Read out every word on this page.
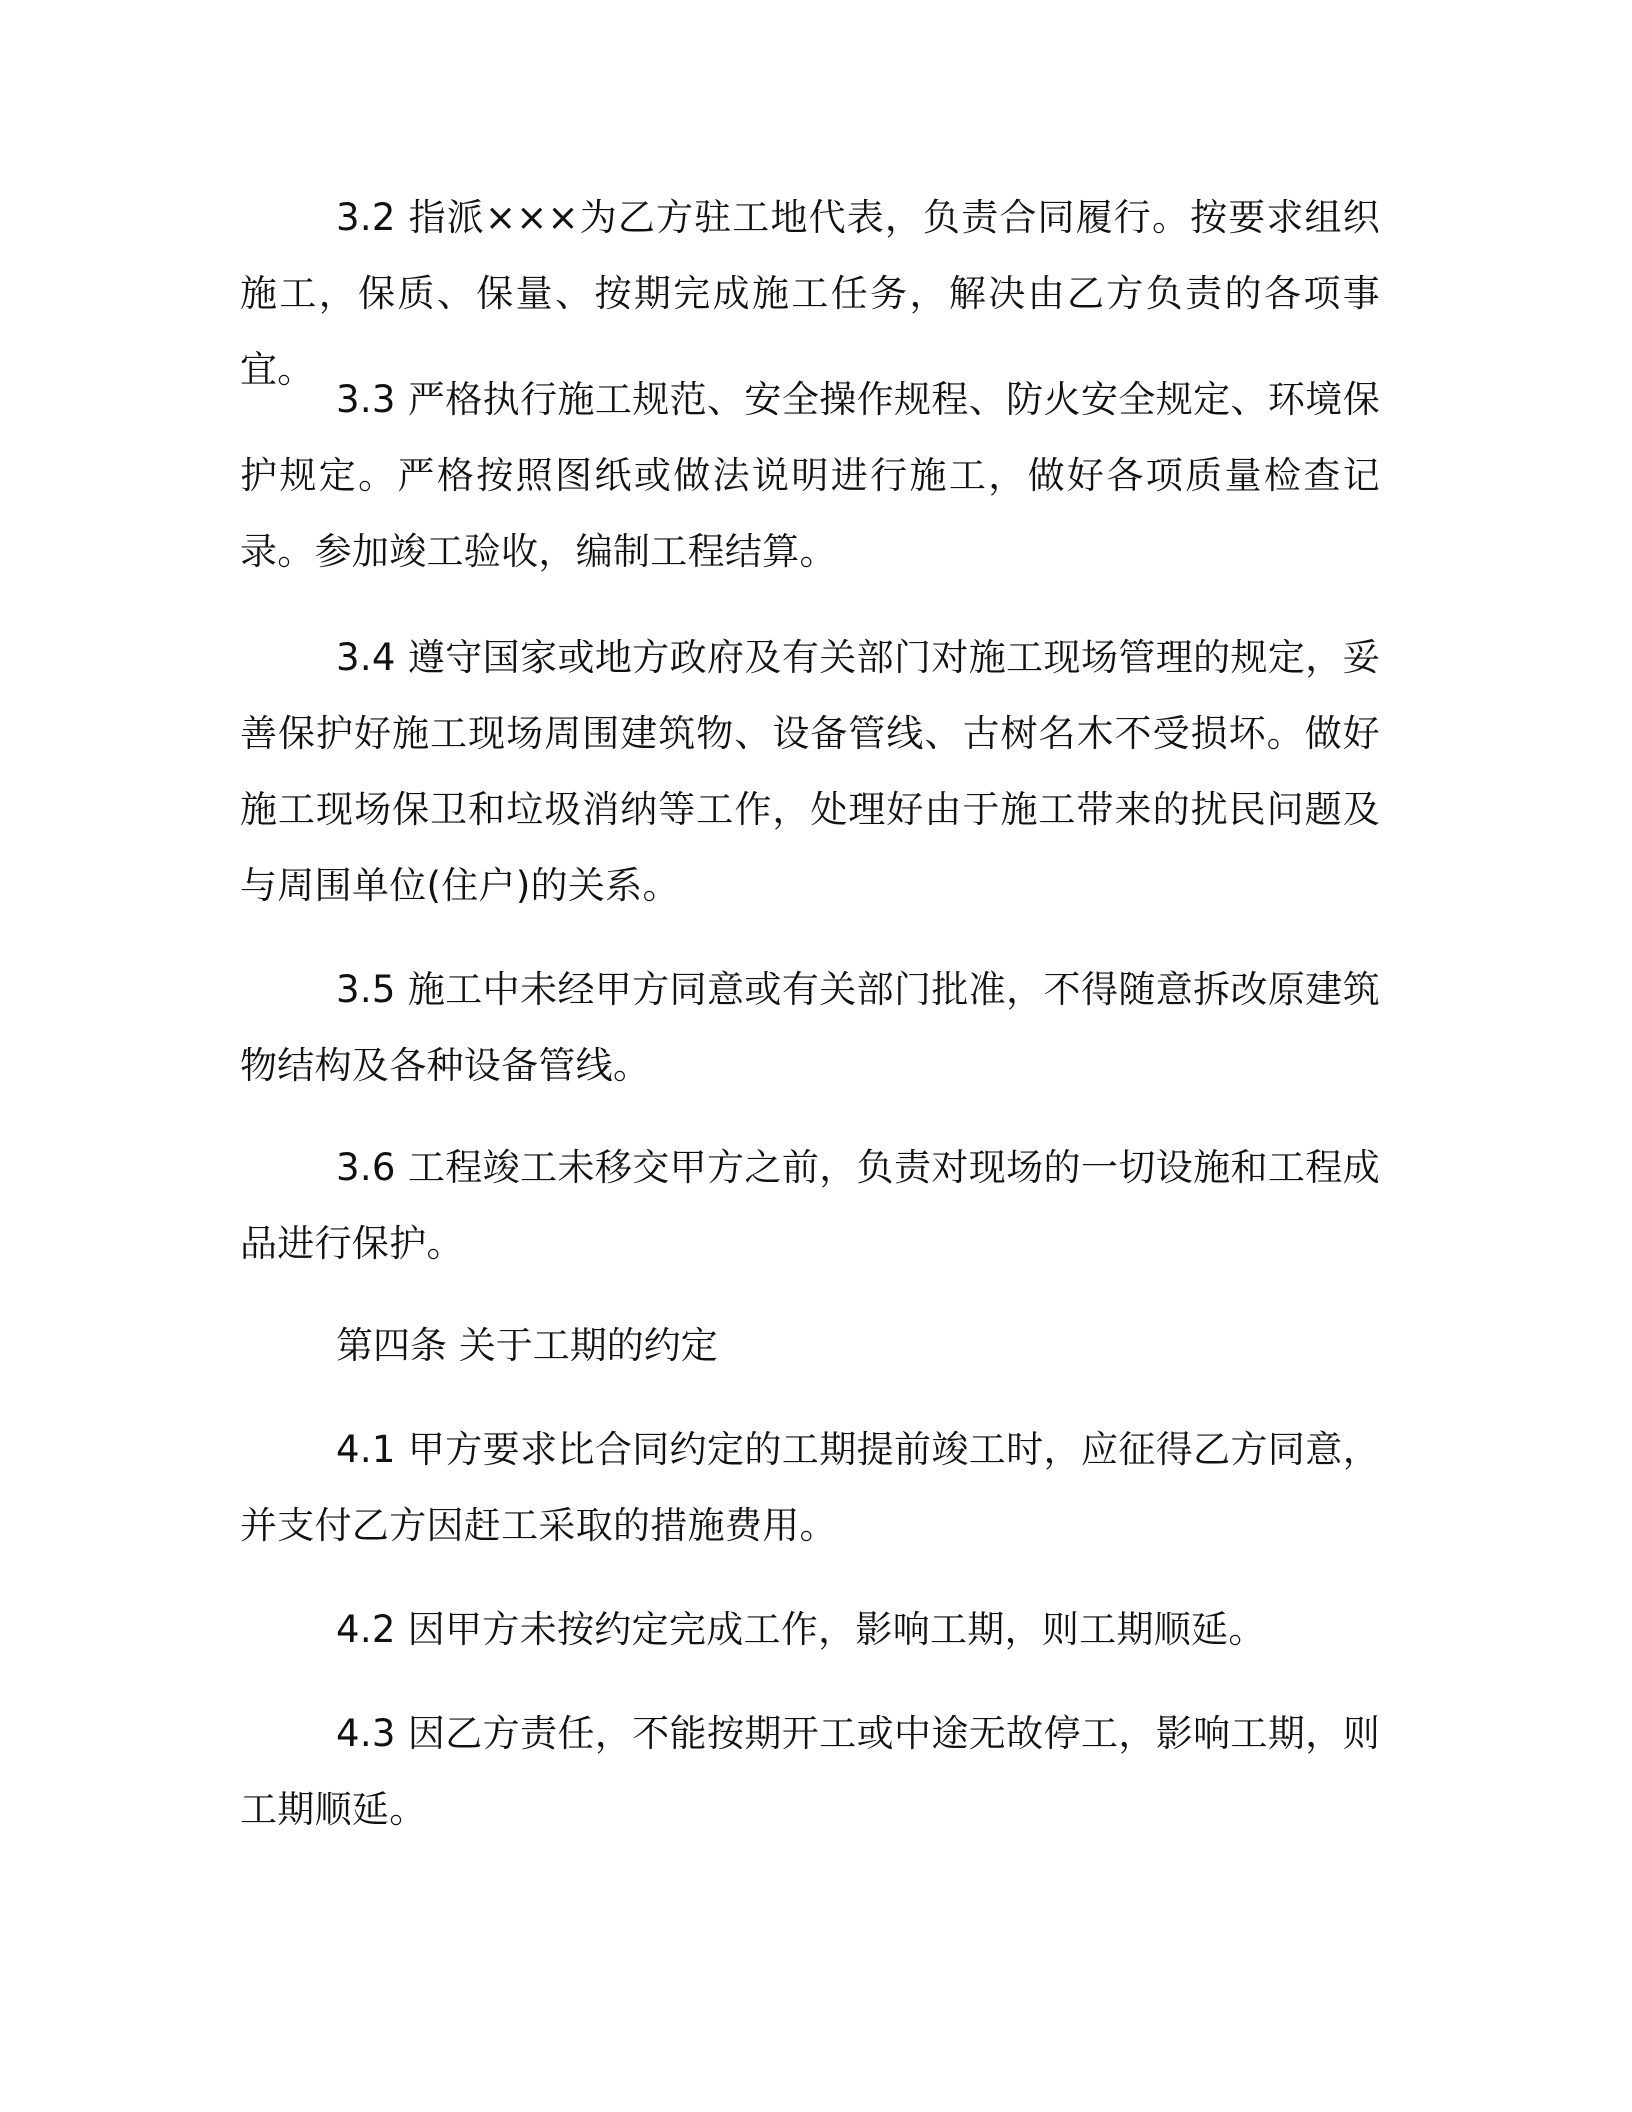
3.2 指派×××为乙方驻工地代表，负责合同履行。按要求组织施工，保质、保量、按期完成施工任务，解决由乙方负责的各项事宜。

3.3 严格执行施工规范、安全操作规程、防火安全规定、环境保护规定。严格按照图纸或做法说明进行施工，做好各项质量检查记录。参加竣工验收，编制工程结算。

3.4 遵守国家或地方政府及有关部门对施工现场管理的规定，妥善保护好施工现场周围建筑物、设备管线、古树名木不受损坏。做好施工现场保卫和垃圾消纳等工作，处理好由于施工带来的扰民问题及与周围单位(住户)的关系。

3.5 施工中未经甲方同意或有关部门批准，不得随意拆改原建筑物结构及各种设备管线。

3.6 工程竣工未移交甲方之前，负责对现场的一切设施和工程成品进行保护。

第四条 关于工期的约定

4.1 甲方要求比合同约定的工期提前竣工时，应征得乙方同意，并支付乙方因赶工采取的措施费用。

4.2 因甲方未按约定完成工作，影响工期，则工期顺延。

4.3 因乙方责任，不能按期开工或中途无故停工，影响工期，则工期顺延。
